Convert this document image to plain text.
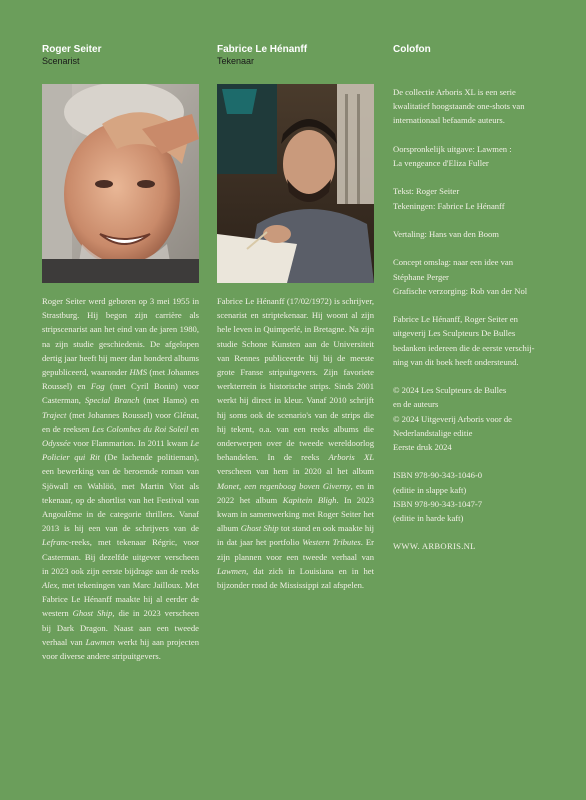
Roger Seiter

Scenarist

Roger Seiter werd geboren op 3 mei 1955 in Strastburg. Hij begon zijn carrière als stripscenarist aan het eind van de jaren 1980, na zijn studie geschiedenis. De afgelopen dertig jaar heeft hij meer dan honderd albums gepubliceerd, waaronder HMS (met Johannes Roussel) en Fog (met Cyril Bonin) voor Casterman, Special Branch (met Hamo) en Traject (met Johannes Roussel) voor Glénat, en de reeksen Les Colombes du Roi Soleil en Odyssée voor Flammarion. In 2011 kwam Le Policier qui Rit (De lachende politieman), een bewerking van de beroemde roman van Sjöwall en Wahlöö, met Martin Viot als tekenaar, op de shortlist van het Festival van Angoulême in de categorie thrillers. Vanaf 2013 is hij een van de schrijvers van de Lefranc-reeks, met tekenaar Régric, voor Casterman. Bij dezelfde uitgever verscheen in 2023 ook zijn eerste bijdrage aan de reeks Alex, met tekeningen van Marc Jailloux. Met Fabrice Le Hénanff maakte hij al eerder de western Ghost Ship, die in 2023 verscheen bij Dark Dragon. Naast aan een tweede verhaal van Lawmen werkt hij aan projecten voor diverse andere stripuitgevers.

Fabrice Le Hénanff

Tekenaar

Fabrice Le Hénanff (17/02/1972) is schrijver, scenarist en striptekenaar. Hij woont al zijn hele leven in Quimperlé, in Bretagne. Na zijn studie Schone Kunsten aan de Universiteit van Rennes publiceerde hij bij de meeste grote Franse stripuitgevers. Zijn favoriete werkterrein is historische strips. Sinds 2001 werkt hij direct in kleur. Vanaf 2010 schrijft hij soms ook de scenario's van de strips die hij tekent, o.a. van een reeks albums die onderwerpen over de tweede wereldoorlog behandelen. In de reeks Arboris XL verscheen van hem in 2020 al het album Monet, een regenboog boven Giverny, en in 2022 het album Kapitein Bligh. In 2023 kwam in samenwerking met Roger Seiter het album Ghost Ship tot stand en ook maakte hij in dat jaar het portfolio Western Tributes. Er zijn plannen voor een tweede verhaal van Lawmen, dat zich in Louisiana en in het bijzonder rond de Mississippi zal afspelen.

Colofon

De collectie Arboris XL is een serie
kwalitatief hoogstaande one-shots van
internationaal befaamde auteurs.

Oorspronkelijk uitgave: Lawmen :
La vengeance d'Eliza Fuller

Tekst: Roger Seiter
Tekeningen: Fabrice Le Hénanff

Vertaling: Hans van den Boom

Concept omslag: naar een idee van
Stéphane Perger
Grafische verzorging: Rob van der Nol

Fabrice Le Hénanff, Roger Seiter en
uitgeverij Les Sculpteurs De Bulles
bedanken iedereen die de eerste verschij-
ning van dit boek heeft ondersteund.

© 2024 Les Sculpteurs de Bulles
en de auteurs
© 2024 Uitgeverij Arboris voor de
Nederlandstalige editie
Eerste druk 2024

ISBN 978-90-343-1046-0
(editie in slappe kaft)
ISBN 978-90-343-1047-7
(editie in harde kaft)

WWW. ARBORIS.NL
